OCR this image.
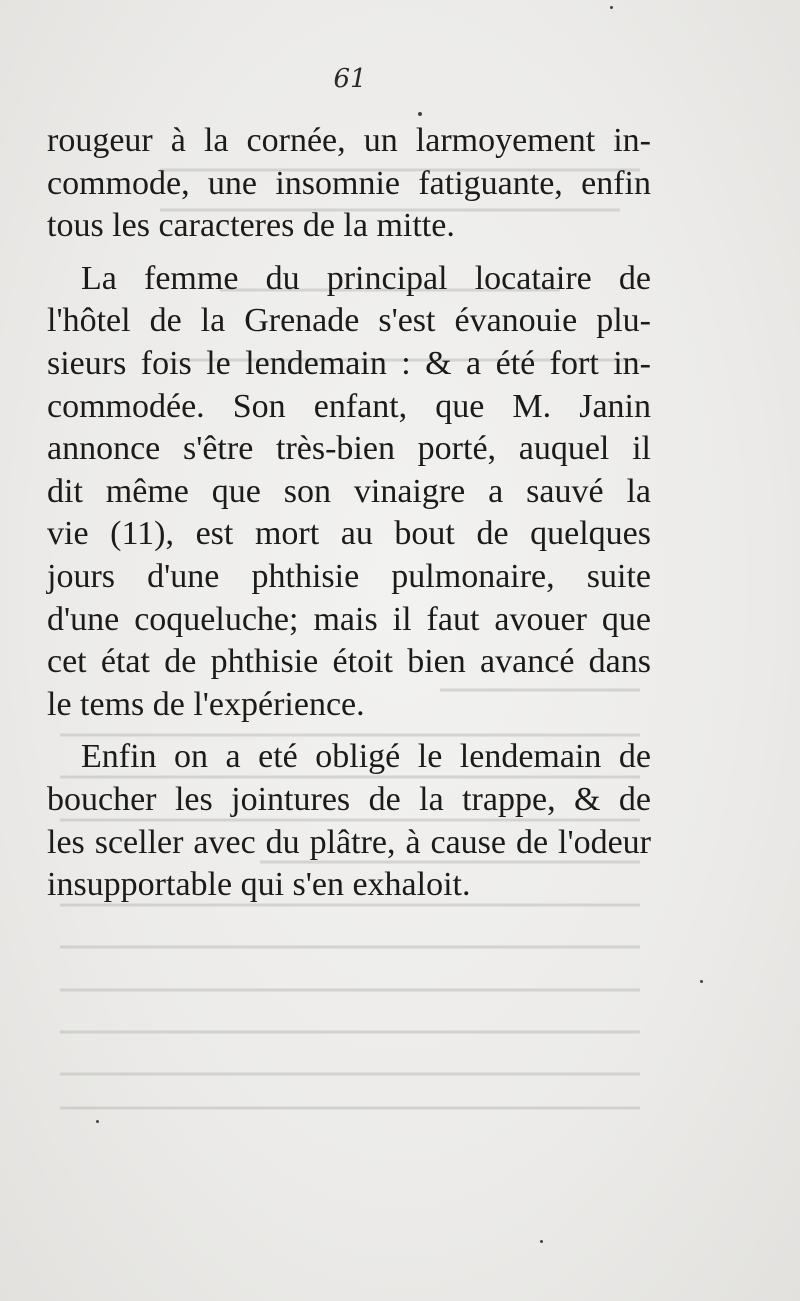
61
rougeur à la cornée, un larmoyement in-
commode, une insomnie fatiguante, enfin
tous les caracteres de la mitte.
La femme du principal locataire de
l'hôtel de la Grenade s'est évanouie plu-
sieurs fois le lendemain : & a été fort in-
commodée. Son enfant, que M. Janin
annonce s'être très-bien porté, auquel il
dit même que son vinaigre a sauvé la
vie (11), est mort au bout de quelques
jours d'une phthisie pulmonaire, suite
d'une coqueluche; mais il faut avouer que
cet état de phthisie étoit bien avancé dans
le tems de l'expérience.
Enfin on a eté obligé le lendemain de
boucher les jointures de la trappe, & de
les sceller avec du plâtre, à cause de l'odeur
insupportable qui s'en exhaloit.
